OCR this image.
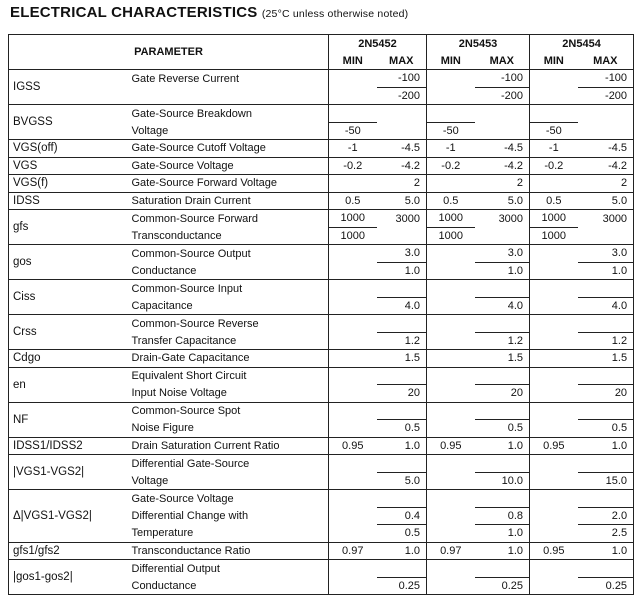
ELECTRICAL CHARACTERISTICS (25°C unless otherwise noted)
PARAMETER		2N5452		2N5453		2N5454	
		MIN	MAX	MIN	MAX	MIN	MAX
IGSS	Gate Reverse Current		-100		-100		-100
			-200		-200		-200
BVGSS	Gate-Source Breakdown						
	Voltage	-50		-50		-50	
VGS(off)	Gate-Source Cutoff Voltage	-1	-4.5	-1	-4.5	-1	-4.5
VGS	Gate-Source Voltage	-0.2	-4.2	-0.2	-4.2	-0.2	-4.2
VGS(f)	Gate-Source Forward Voltage		2		2		2
IDSS	Saturation Drain Current	0.5	5.0	0.5	5.0	0.5	5.0
gfs	Common-Source Forward	1000	3000	1000	3000	1000	3000
	Transconductance	1000		1000		1000	
gos	Common-Source Output		3.0		3.0		3.0
	Conductance		1.0		1.0		1.0
Ciss	Common-Source Input						
	Capacitance		4.0		4.0		4.0
Crss	Common-Source Reverse						
	Transfer Capacitance		1.2		1.2		1.2
Cdgo	Drain-Gate Capacitance		1.5		1.5		1.5
en	Equivalent Short Circuit						
	Input Noise Voltage		20		20		20
NF	Common-Source Spot						
	Noise Figure		0.5		0.5		0.5
IDSS1/IDSS2	Drain Saturation Current Ratio	0.95	1.0	0.95	1.0	0.95	1.0
|VGS1-VGS2|	Differential Gate-Source						
	Voltage		5.0		10.0		15.0
Δ|VGS1-VGS2|	Gate-Source Voltage						
	Differential Change with		0.4		0.8		2.0
	Temperature		0.5		1.0		2.5
gfs1/gfs2	Transconductance Ratio	0.97	1.0	0.97	1.0	0.95	1.0
|gos1-gos2|	Differential Output						
	Conductance		0.25		0.25		0.25
